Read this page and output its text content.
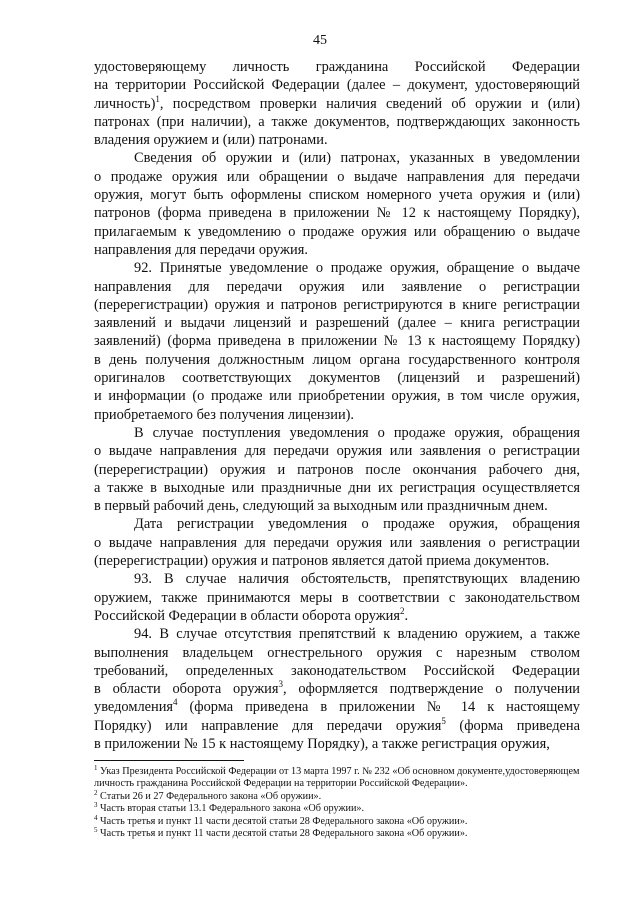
45

удостоверяющему личность гражданина Российской Федерации
на территории Российской Федерации (далее – документ, удостоверяющий
личность)$^1$, посредством проверки наличия сведений об оружии и (или)
патронах (при наличии), а также документов, подтверждающих законность
владения оружием и (или) патронами.

Сведения об оружии и (или) патронах, указанных в уведомлении
о продаже оружия или обращении о выдаче направления для передачи
оружия, могут быть оформлены списком номерного учета оружия и (или)
патронов (форма приведена в приложении № 12 к настоящему Порядку),
прилагаемым к уведомлению о продаже оружия или обращению о выдаче
направления для передачи оружия.

92. Принятые уведомление о продаже оружия, обращение о выдаче
направления для передачи оружия или заявление о регистрации
(перерегистрации) оружия и патронов регистрируются в книге регистрации
заявлений и выдачи лицензий и разрешений (далее – книга регистрации
заявлений) (форма приведена в приложении № 13 к настоящему Порядку)
в день получения должностным лицом органа государственного контроля
оригиналов соответствующих документов (лицензий и разрешений)
и информации (о продаже или приобретении оружия, в том числе оружия,
приобретаемого без получения лицензии).

В случае поступления уведомления о продаже оружия, обращения
о выдаче направления для передачи оружия или заявления о регистрации
(перерегистрации) оружия и патронов после окончания рабочего дня,
а также в выходные или праздничные дни их регистрация осуществляется
в первый рабочий день, следующий за выходным или праздничным днем.

Дата регистрации уведомления о продаже оружия, обращения
о выдаче направления для передачи оружия или заявления о регистрации
(перерегистрации) оружия и патронов является датой приема документов.

93. В случае наличия обстоятельств, препятствующих владению
оружием, также принимаются меры в соответствии с законодательством
Российской Федерации в области оборота оружия$^2$.

94. В случае отсутствия препятствий к владению оружием, а также
выполнения владельцем огнестрельного оружия с нарезным стволом
требований, определенных законодательством Российской Федерации
в области оборота оружия$^3$, оформляется подтверждение о получении
уведомления$^4$ (форма приведена в приложении № 14 к настоящему
Порядку) или направление для передачи оружия$^5$ (форма приведена
в приложении № 15 к настоящему Порядку), а также регистрация оружия,

$^1$ Указ Президента Российской Федерации от 13 марта 1997 г. № 232 «Об основном документе,удостоверяющем личность гражданина Российской Федерации на территории Российской Федерации».
$^2$ Статьи 26 и 27 Федерального закона «Об оружии».
$^3$ Часть вторая статьи 13.1 Федерального закона «Об оружии».
$^4$ Часть третья и пункт 11 части десятой статьи 28 Федерального закона «Об оружии».
$^5$ Часть третья и пункт 11 части десятой статьи 28 Федерального закона «Об оружии».
